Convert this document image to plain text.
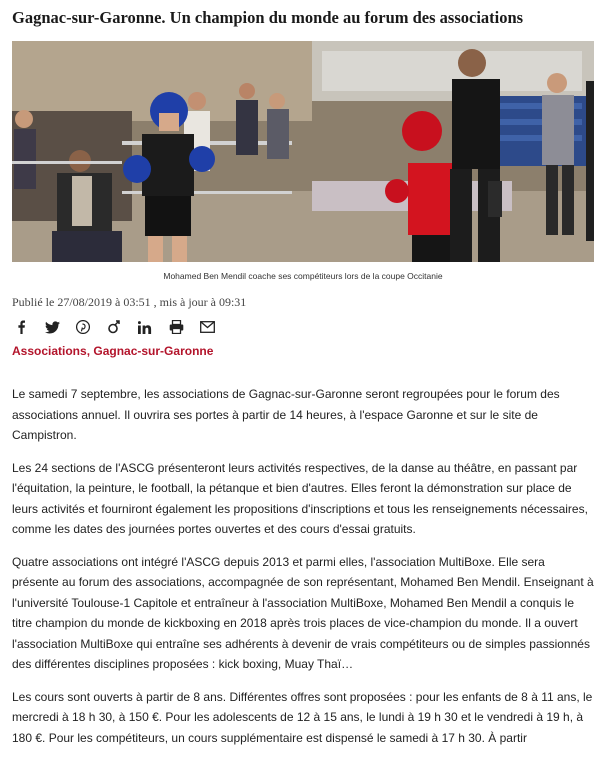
Gagnac-sur-Garonne. Un champion du monde au forum des associations
Mohamed Ben Mendil coache ses compétiteurs lors de la coupe Occitanie
Publié le 27/08/2019 à 03:51 , mis à jour à 09:31
Associations, Gagnac-sur-Garonne

Le samedi 7 septembre, les associations de Gagnac-sur-Garonne seront regroupées pour le forum des associations annuel. Il ouvrira ses portes à partir de 14 heures, à l'espace Garonne et sur le site de Campistron.

Les 24 sections de l'ASCG présenteront leurs activités respectives, de la danse au théâtre, en passant par l'équitation, la peinture, le football, la pétanque et bien d'autres. Elles feront la démonstration sur place de leurs activités et fourniront également les propositions d'inscriptions et tous les renseignements nécessaires, comme les dates des journées portes ouvertes et des cours d'essai gratuits.

Quatre associations ont intégré l'ASCG depuis 2013 et parmi elles, l'association MultiBoxe. Elle sera présente au forum des associations, accompagnée de son représentant, Mohamed Ben Mendil. Enseignant à l'université Toulouse-1 Capitole et entraîneur à l'association MultiBoxe, Mohamed Ben Mendil a conquis le titre champion du monde de kickboxing en 2018 après trois places de vice-champion du monde. Il a ouvert l'association MultiBoxe qui entraîne ses adhérents à devenir de vrais compétiteurs ou de simples passionnés des différentes disciplines proposées : kick boxing, Muay Thaï…

Les cours sont ouverts à partir de 8 ans. Différentes offres sont proposées : pour les enfants de 8 à 11 ans, le mercredi à 18 h 30, à 150 €. Pour les adolescents de 12 à 15 ans, le lundi à 19 h 30 et le vendredi à 19 h, à 180 €. Pour les compétiteurs, un cours supplémentaire est dispensé le samedi à 17 h 30. À partir
